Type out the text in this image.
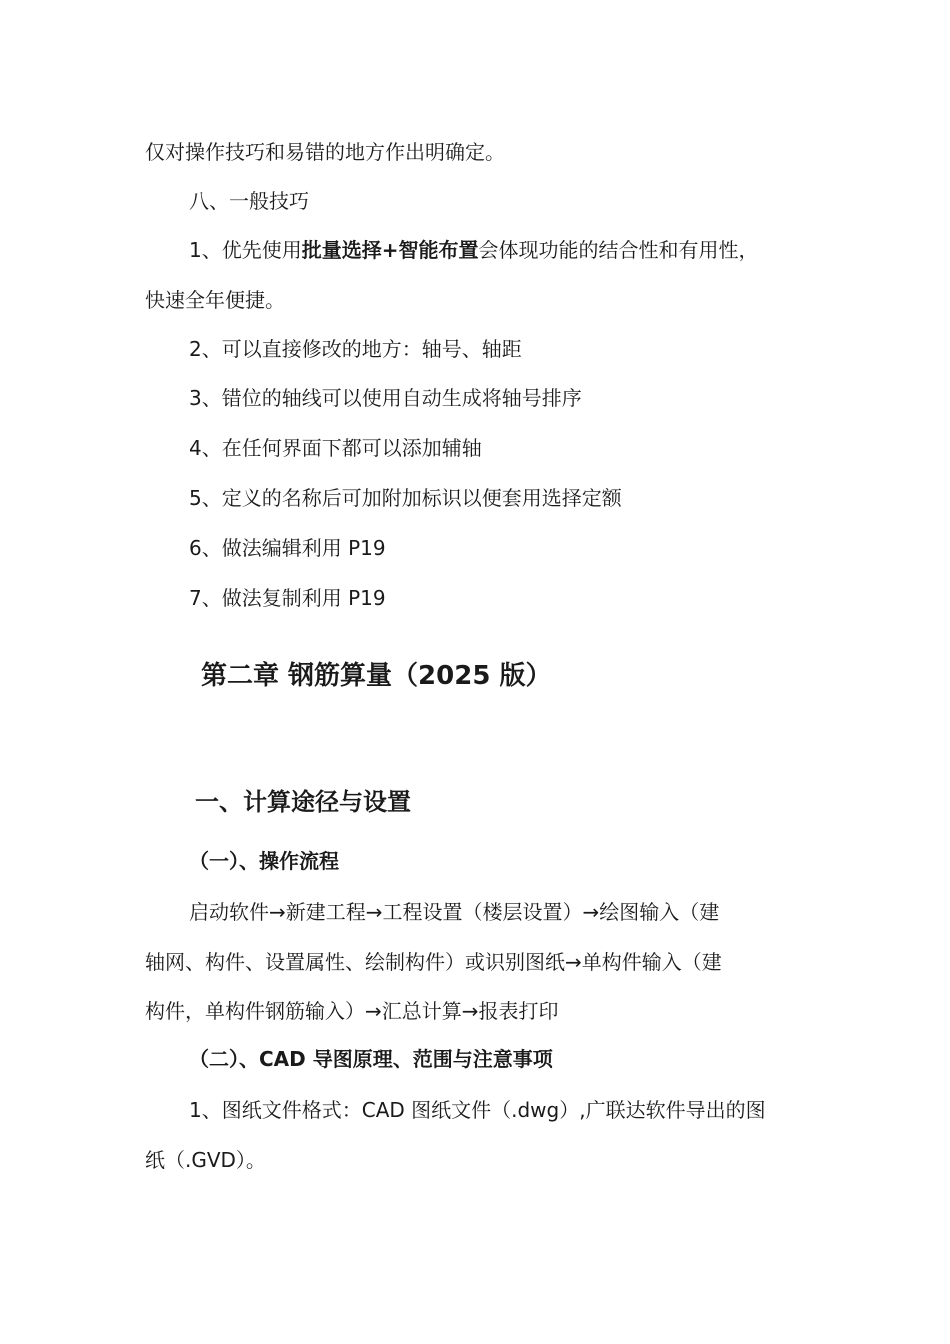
仅对操作技巧和易错的地方作出明确定。
八、一般技巧
1、优先使用批量选择+智能布置会体现功能的结合性和有用性，
快速全年便捷。
2、可以直接修改的地方：轴号、轴距
3、错位的轴线可以使用自动生成将轴号排序
4、在任何界面下都可以添加辅轴
5、定义的名称后可加附加标识以便套用选择定额
6、做法编辑利用 P19
7、做法复制利用 P19
第二章 钢筋算量（2025 版）
一、计算途径与设置
（一）、操作流程
启动软件→新建工程→工程设置（楼层设置）→绘图输入（建
轴网、构件、设置属性、绘制构件）或识别图纸→单构件输入（建
构件，单构件钢筋输入）→汇总计算→报表打印
（二）、CAD 导图原理、范围与注意事项
1、图纸文件格式：CAD 图纸文件（.dwg）,广联达软件导出的图
纸（.GVD）。
